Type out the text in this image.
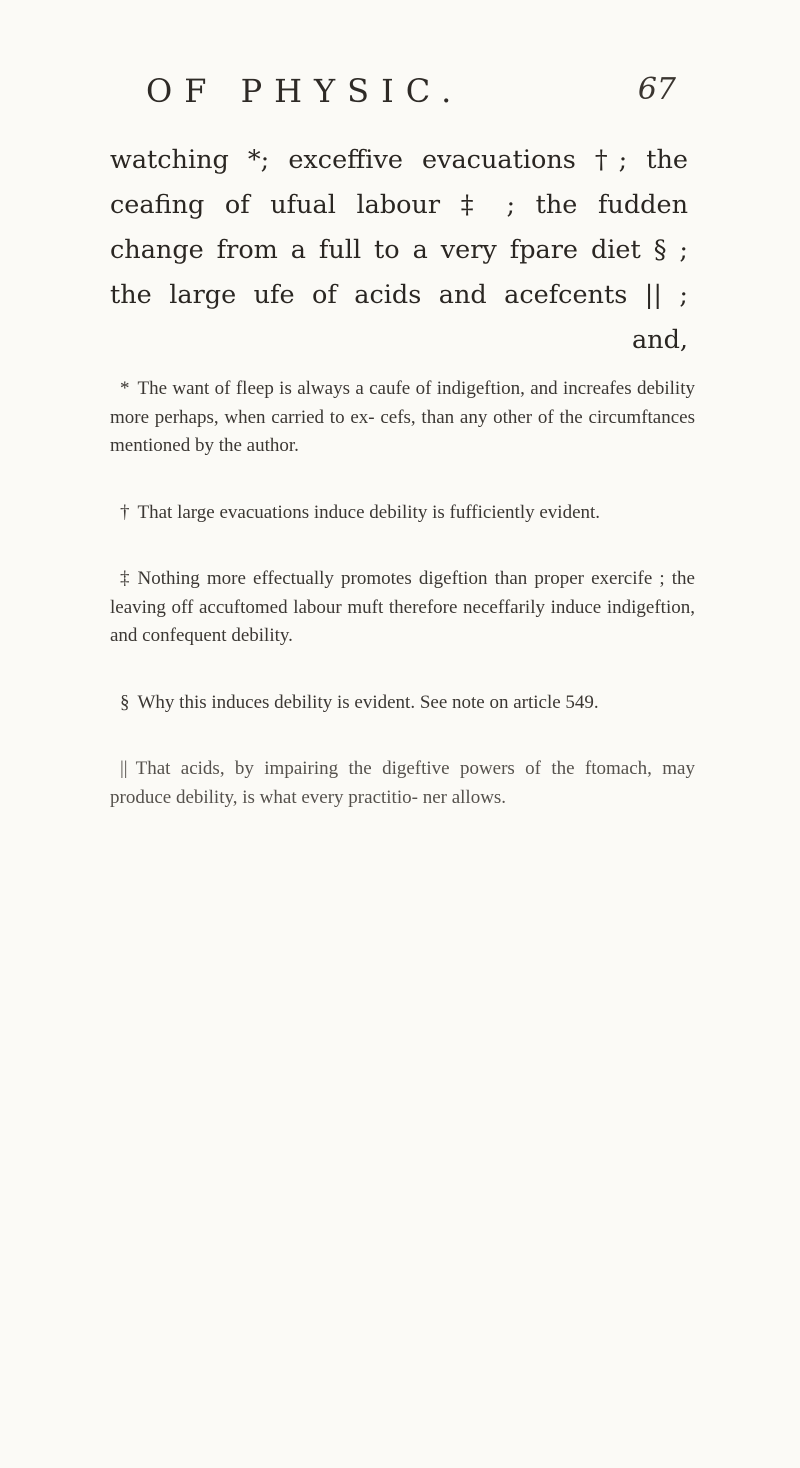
OF PHYSIC.	67

watching *; exceffive evacuations †; the
ceafing of ufual labour ‡ ; the fudden
change from a full to a very fpare diet § ;
the large ufe of acids and acefcents || ;
and,

* The want of fleep is always a caufe of indigeftion, and increafes debility more perhaps, when carried to ex- cefs, than any other of the circumftances mentioned by the author.

† That large evacuations induce debility is fufficiently evident.

‡ Nothing more effectually promotes digeftion than proper exercife ; the leaving off accuftomed labour muft therefore neceffarily induce indigeftion, and confequent debility.

§ Why this induces debility is evident. See note on article 549.

|| That acids, by impairing the digeftive powers of the ftomach, may produce debility, is what every practitio- ner allows.
